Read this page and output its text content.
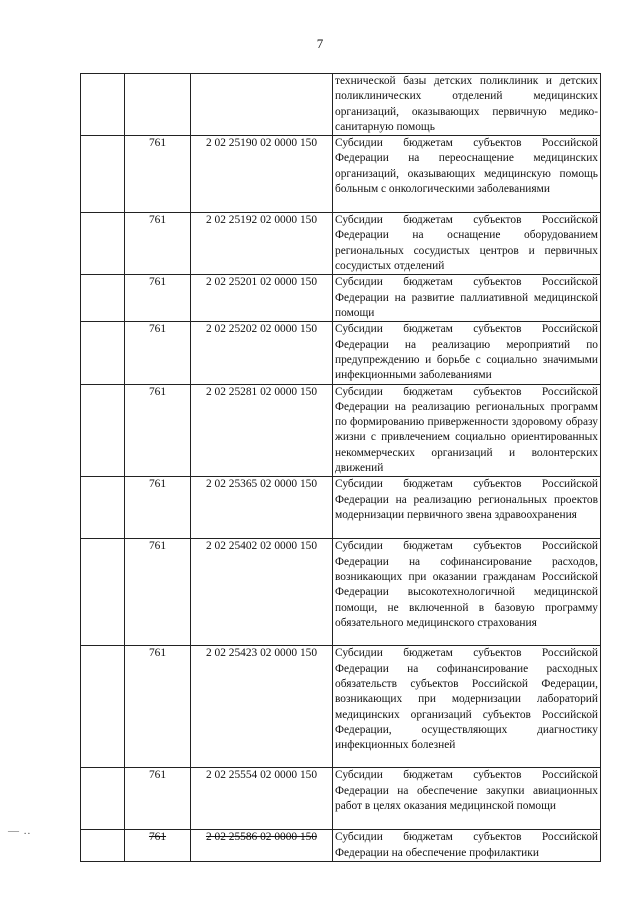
7
— ..
			технической базы детских поликлиник и детских поликлинических отделений медицинских организаций, оказывающих первичную медико-санитарную помощь
	761	2 02 25190 02 0000 150	Субсидии бюджетам субъектов Российской Федерации на переоснащение медицинских организаций, оказывающих медицинскую помощь больным с онкологическими заболеваниями
	761	2 02 25192 02 0000 150	Субсидии бюджетам субъектов Российской Федерации на оснащение оборудованием региональных сосудистых центров и первичных сосудистых отделений
	761	2 02 25201 02 0000 150	Субсидии бюджетам субъектов Российской Федерации на развитие паллиативной медицинской помощи
	761	2 02 25202 02 0000 150	Субсидии бюджетам субъектов Российской Федерации на реализацию мероприятий по предупреждению и борьбе с социально значимыми инфекционными заболеваниями
	761	2 02 25281 02 0000 150	Субсидии бюджетам субъектов Российской Федерации на реализацию региональных программ по формированию приверженности здоровому образу жизни с привлечением социально ориентированных некоммерческих организаций и волонтерских движений
	761	2 02 25365 02 0000 150	Субсидии бюджетам субъектов Российской Федерации на реализацию региональных проектов модернизации первичного звена здравоохранения
	761	2 02 25402 02 0000 150	Субсидии бюджетам субъектов Российской Федерации на софинансирование расходов, возникающих при оказании гражданам Российской Федерации высокотехнологичной медицинской помощи, не включенной в базовую программу обязательного медицинского страхования
	761	2 02 25423 02 0000 150	Субсидии бюджетам субъектов Российской Федерации на софинансирование расходных обязательств субъектов Российской Федерации, возникающих при модернизации лабораторий медицинских организаций субъектов Российской Федерации, осуществляющих диагностику инфекционных болезней
	761	2 02 25554 02 0000 150	Субсидии бюджетам субъектов Российской Федерации на обеспечение закупки авиационных работ в целях оказания медицинской помощи
	761	2 02 25586 02 0000 150	Субсидии бюджетам субъектов Российской Федерации на обеспечение профилактики
